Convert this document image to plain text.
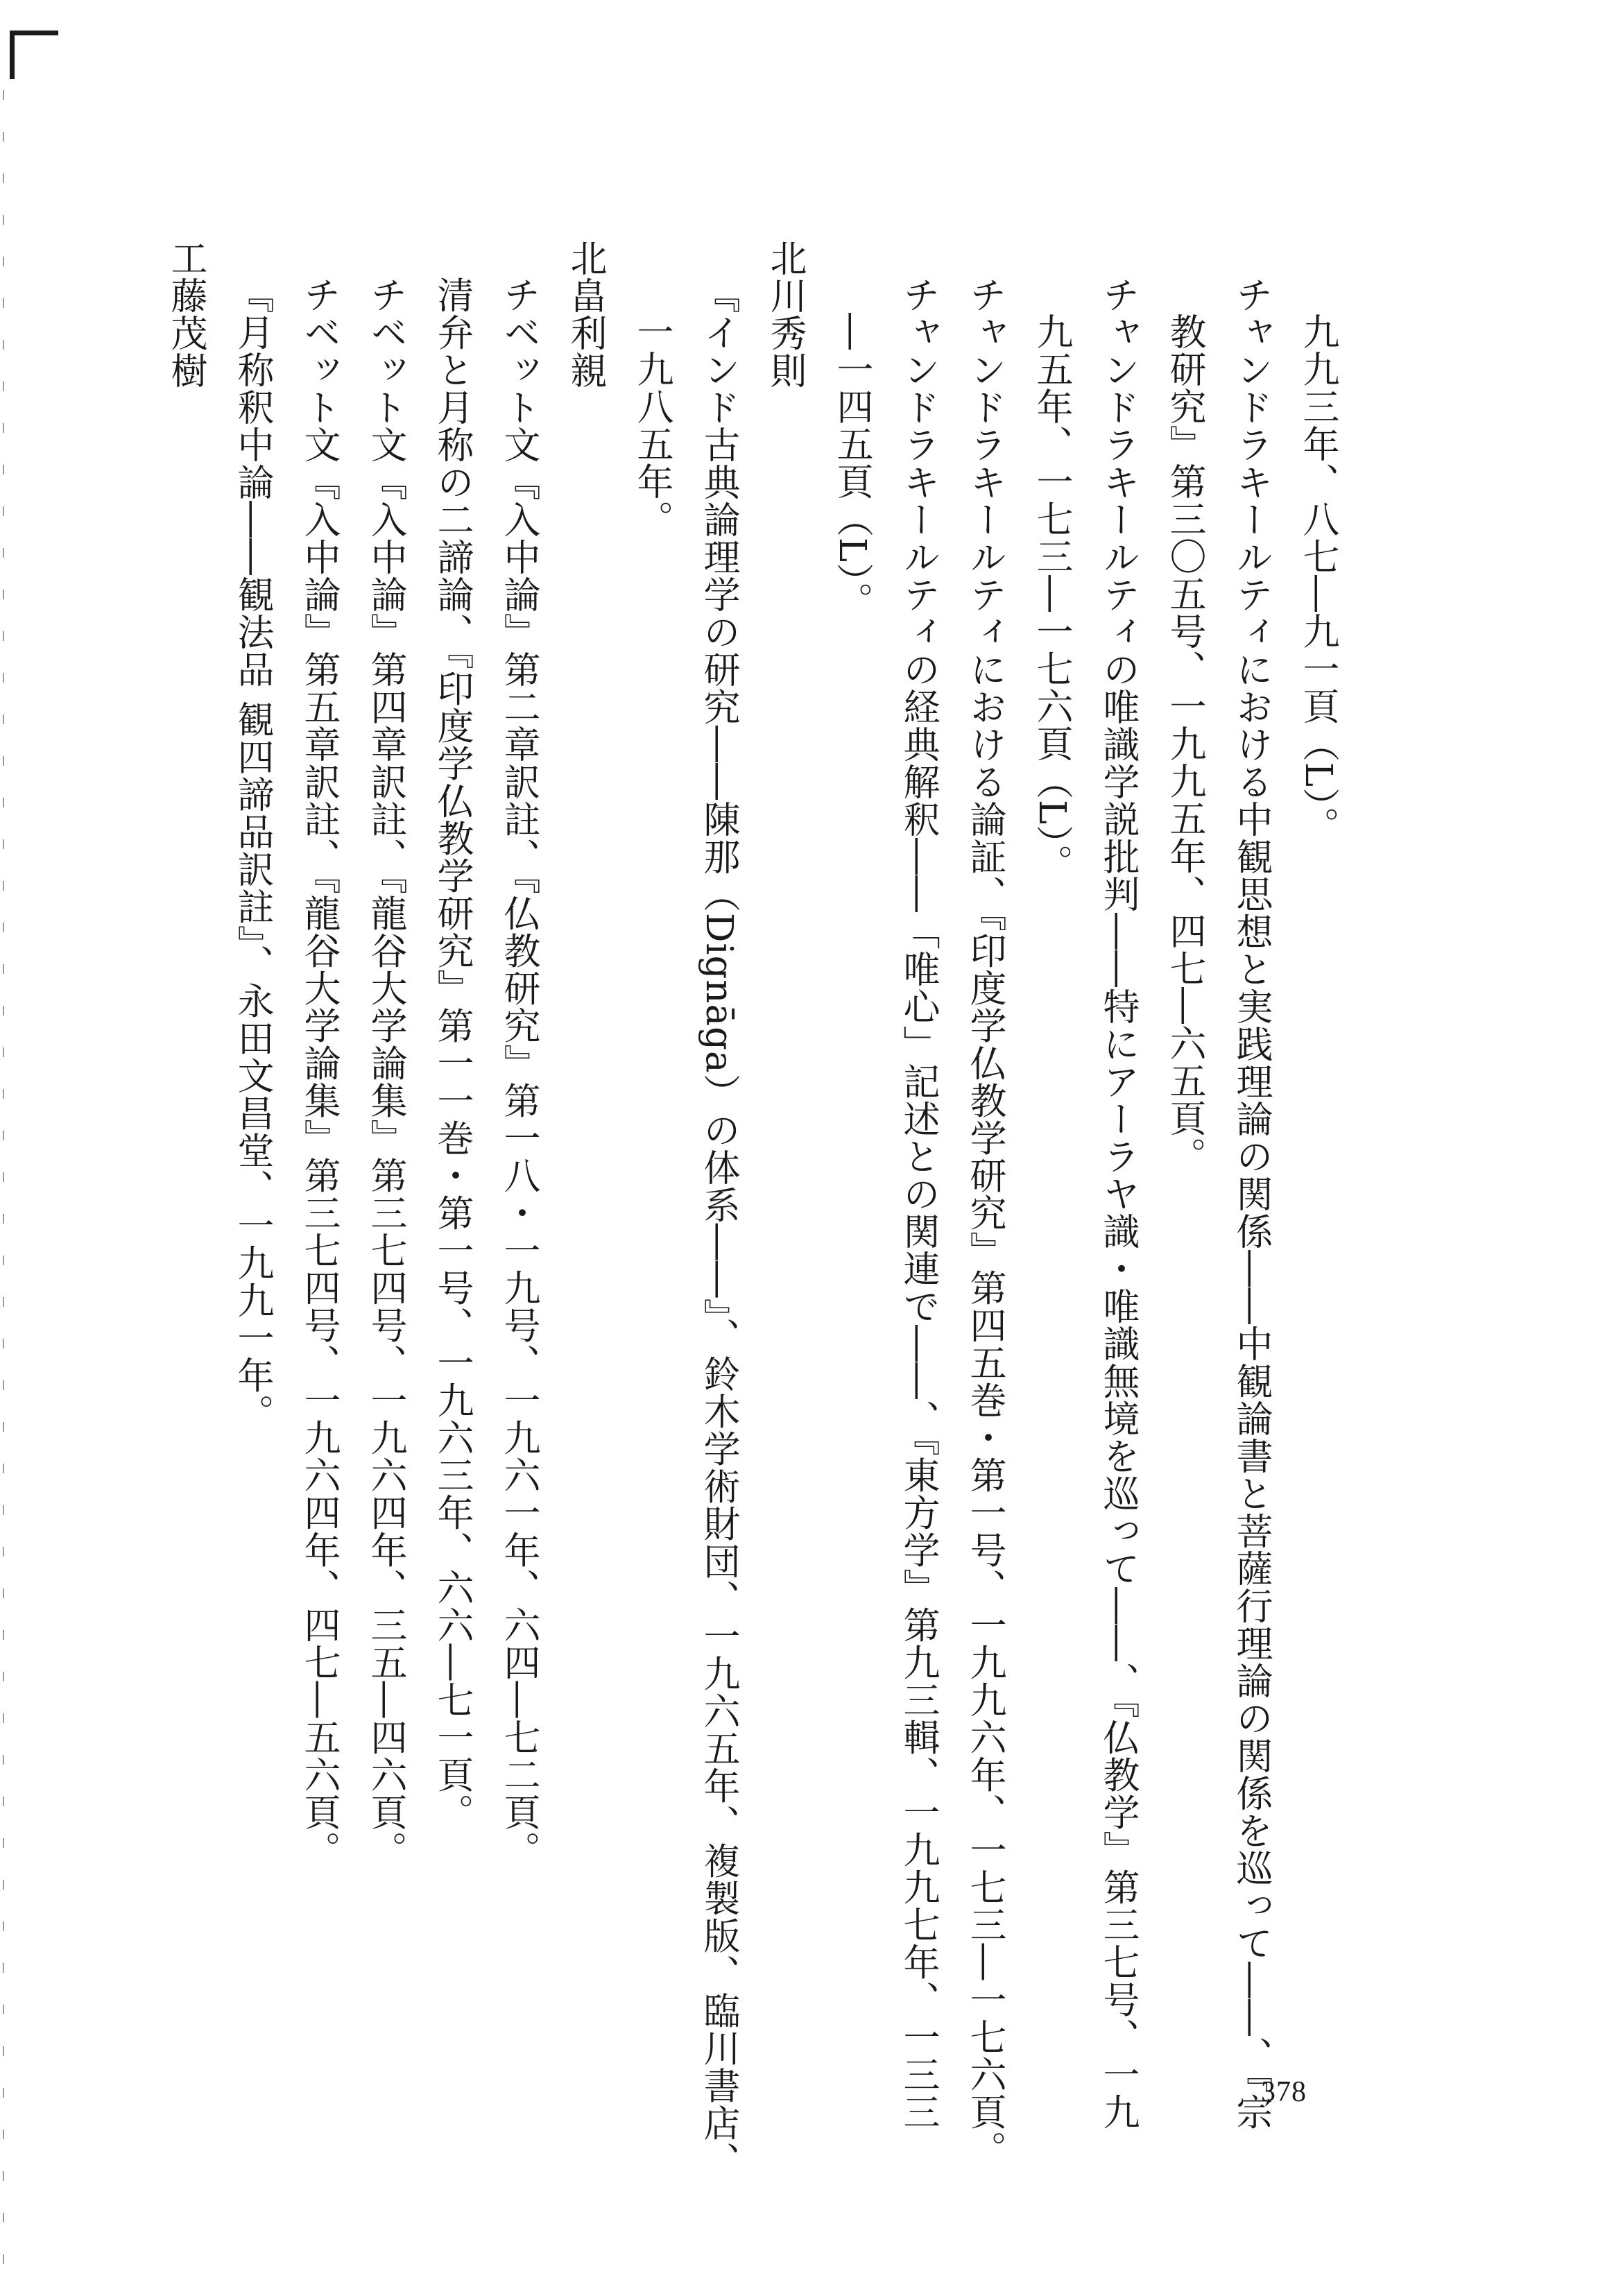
九九三年、八七―九一頁（L）。
チャンドラキールティにおける中観思想と実践理論の関係――中観論書と菩薩行理論の関係を巡って――、『宗
教研究』第三〇五号、一九九五年、四七―六五頁。
チャンドラキールティの唯識学説批判――特にアーラヤ識・唯識無境を巡って――、『仏教学』第三七号、一九
九五年、一七三―一七六頁（L）。
チャンドラキールティにおける論証、『印度学仏教学研究』第四五巻・第一号、一九九六年、一七三―一七六頁。
チャンドラキールティの経典解釈――「唯心」記述との関連で――、『東方学』第九三輯、一九九七年、一三三
―一四五頁（L）。
北川秀則
『インド古典論理学の研究――陳那（Dignāga）の体系――』、鈴木学術財団、一九六五年、複製版、臨川書店、
一九八五年。
北畠利親
チベット文『入中論』第二章訳註、『仏教研究』第一八・一九号、一九六一年、六四―七二頁。
清弁と月称の二諦論、『印度学仏教学研究』第一一巻・第一号、一九六三年、六六―七一頁。
チベット文『入中論』第四章訳註、『龍谷大学論集』第三七四号、一九六四年、三五―四六頁。
チベット文『入中論』第五章訳註、『龍谷大学論集』第三七四号、一九六四年、四七―五六頁。
『月称釈中論――観法品 観四諦品訳註』、永田文昌堂、一九九一年。
工藤茂樹
378
